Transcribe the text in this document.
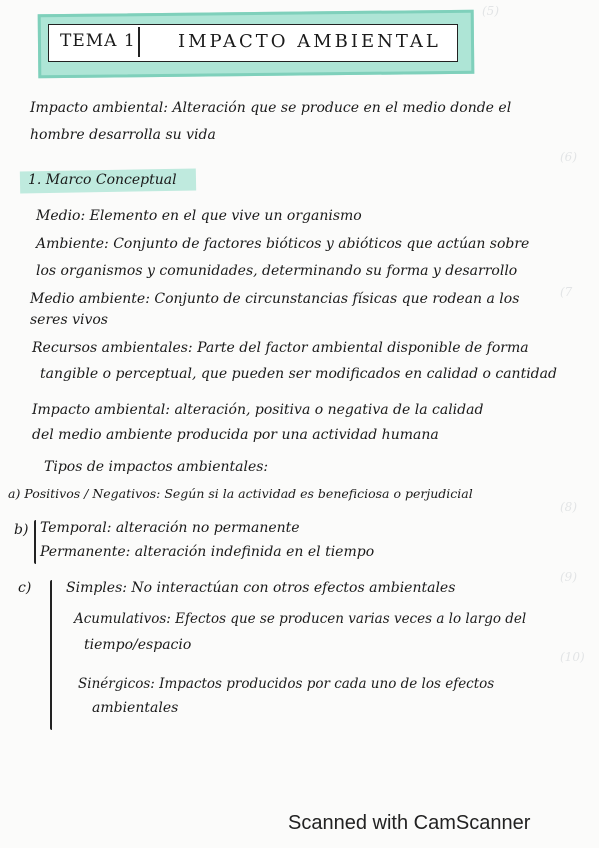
(5)
(6)
(7
(8)
(9)
(10)
TEMA 1 IMPACTO AMBIENTAL
Impacto ambiental: Alteración que se produce en el medio donde el
hombre desarrolla su vida
1. Marco Conceptual
Medio: Elemento en el que vive un organismo
Ambiente: Conjunto de factores bióticos y abióticos que actúan sobre
los organismos y comunidades, determinando su forma y desarrollo
Medio ambiente: Conjunto de circunstancias físicas que rodean a los
seres vivos
Recursos ambientales: Parte del factor ambiental disponible de forma
tangible o perceptual, que pueden ser modificados en calidad o cantidad
Impacto ambiental: alteración, positiva o negativa de la calidad
del medio ambiente producida por una actividad humana
Tipos de impactos ambientales:
a) Positivos / Negativos: Según si la actividad es beneficiosa o perjudicial
b) Temporal: alteración no permanente
Permanente: alteración indefinida en el tiempo
c) Simples: No interactúan con otros efectos ambientales
Acumulativos: Efectos que se producen varias veces a lo largo del
tiempo/espacio
Sinérgicos: Impactos producidos por cada uno de los efectos
ambientales
Scanned with CamScanner
